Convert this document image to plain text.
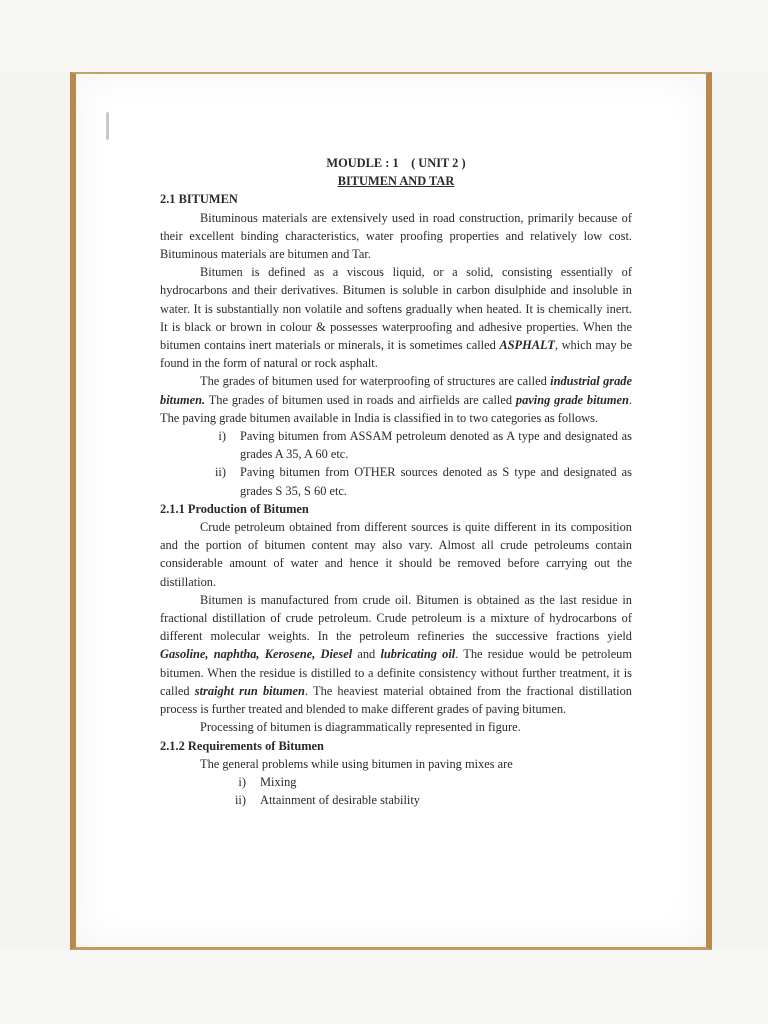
MOUDLE : 1    ( UNIT 2 )
BITUMEN AND TAR
2.1 BITUMEN

Bituminous materials are extensively used in road construction, primarily because of their excellent binding characteristics, water proofing properties and relatively low cost. Bituminous materials are bitumen and Tar.

Bitumen is defined as a viscous liquid, or a solid, consisting essentially of hydrocarbons and their derivatives. Bitumen is soluble in carbon disulphide and insoluble in water. It is substantially non volatile and softens gradually when heated. It is chemically inert. It is black or brown in colour & possesses waterproofing and adhesive properties. When the bitumen contains inert materials or minerals, it is sometimes called ASPHALT, which may be found in the form of natural or rock asphalt.

The grades of bitumen used for waterproofing of structures are called industrial grade bitumen. The grades of bitumen used in roads and airfields are called paving grade bitumen. The paving grade bitumen available in India is classified in to two categories as follows.

i)	Paving bitumen from ASSAM petroleum denoted as A type and designated as grades A 35, A 60 etc.
ii)	Paving bitumen from OTHER sources denoted as S type and designated as grades S 35, S 60 etc.
2.1.1 Production of Bitumen

Crude petroleum obtained from different sources is quite different in its composition and the portion of bitumen content may also vary. Almost all crude petroleums contain considerable amount of water and hence it should be removed before carrying out the distillation.

Bitumen is manufactured from crude oil. Bitumen is obtained as the last residue in fractional distillation of crude petroleum. Crude petroleum is a mixture of hydrocarbons of different molecular weights. In the petroleum refineries the successive fractions yield Gasoline, naphtha, Kerosene, Diesel and lubricating oil. The residue would be petroleum bitumen. When the residue is distilled to a definite consistency without further treatment, it is called straight run bitumen. The heaviest material obtained from the fractional distillation process is further treated and blended to make different grades of paving bitumen.

Processing of bitumen is diagrammatically represented in figure.

2.1.2 Requirements of Bitumen

The general problems while using bitumen in paving mixes are

i)	Mixing
ii)	Attainment of desirable stability
